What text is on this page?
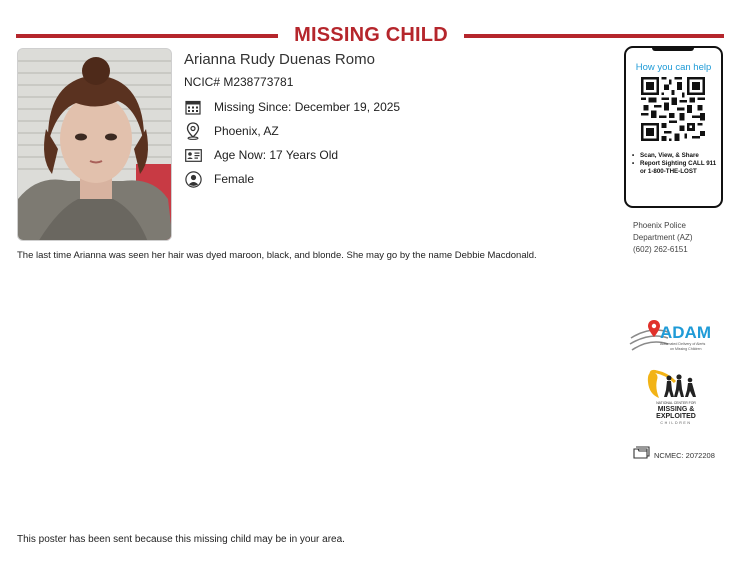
MISSING CHILD
Arianna Rudy Duenas Romo
NCIC# M238773781
Missing Since: December 19, 2025
Phoenix, AZ
Age Now: 17 Years Old
Female
The last time Arianna was seen her hair was dyed maroon, black, and blonde. She may go by the name Debbie Macdonald.
How you can help
• Scan, View, & Share
• Report Sighting CALL 911 or 1-800-THE-LOST
Phoenix Police
Department (AZ)
(602) 262-6151
ADAM
Automated Delivery of Alerts
on Missing Children
NATIONAL CENTER FOR
MISSING &
EXPLOITED
CHILDREN
NCMEC: 2072208
This poster has been sent because this missing child may be in your area.
